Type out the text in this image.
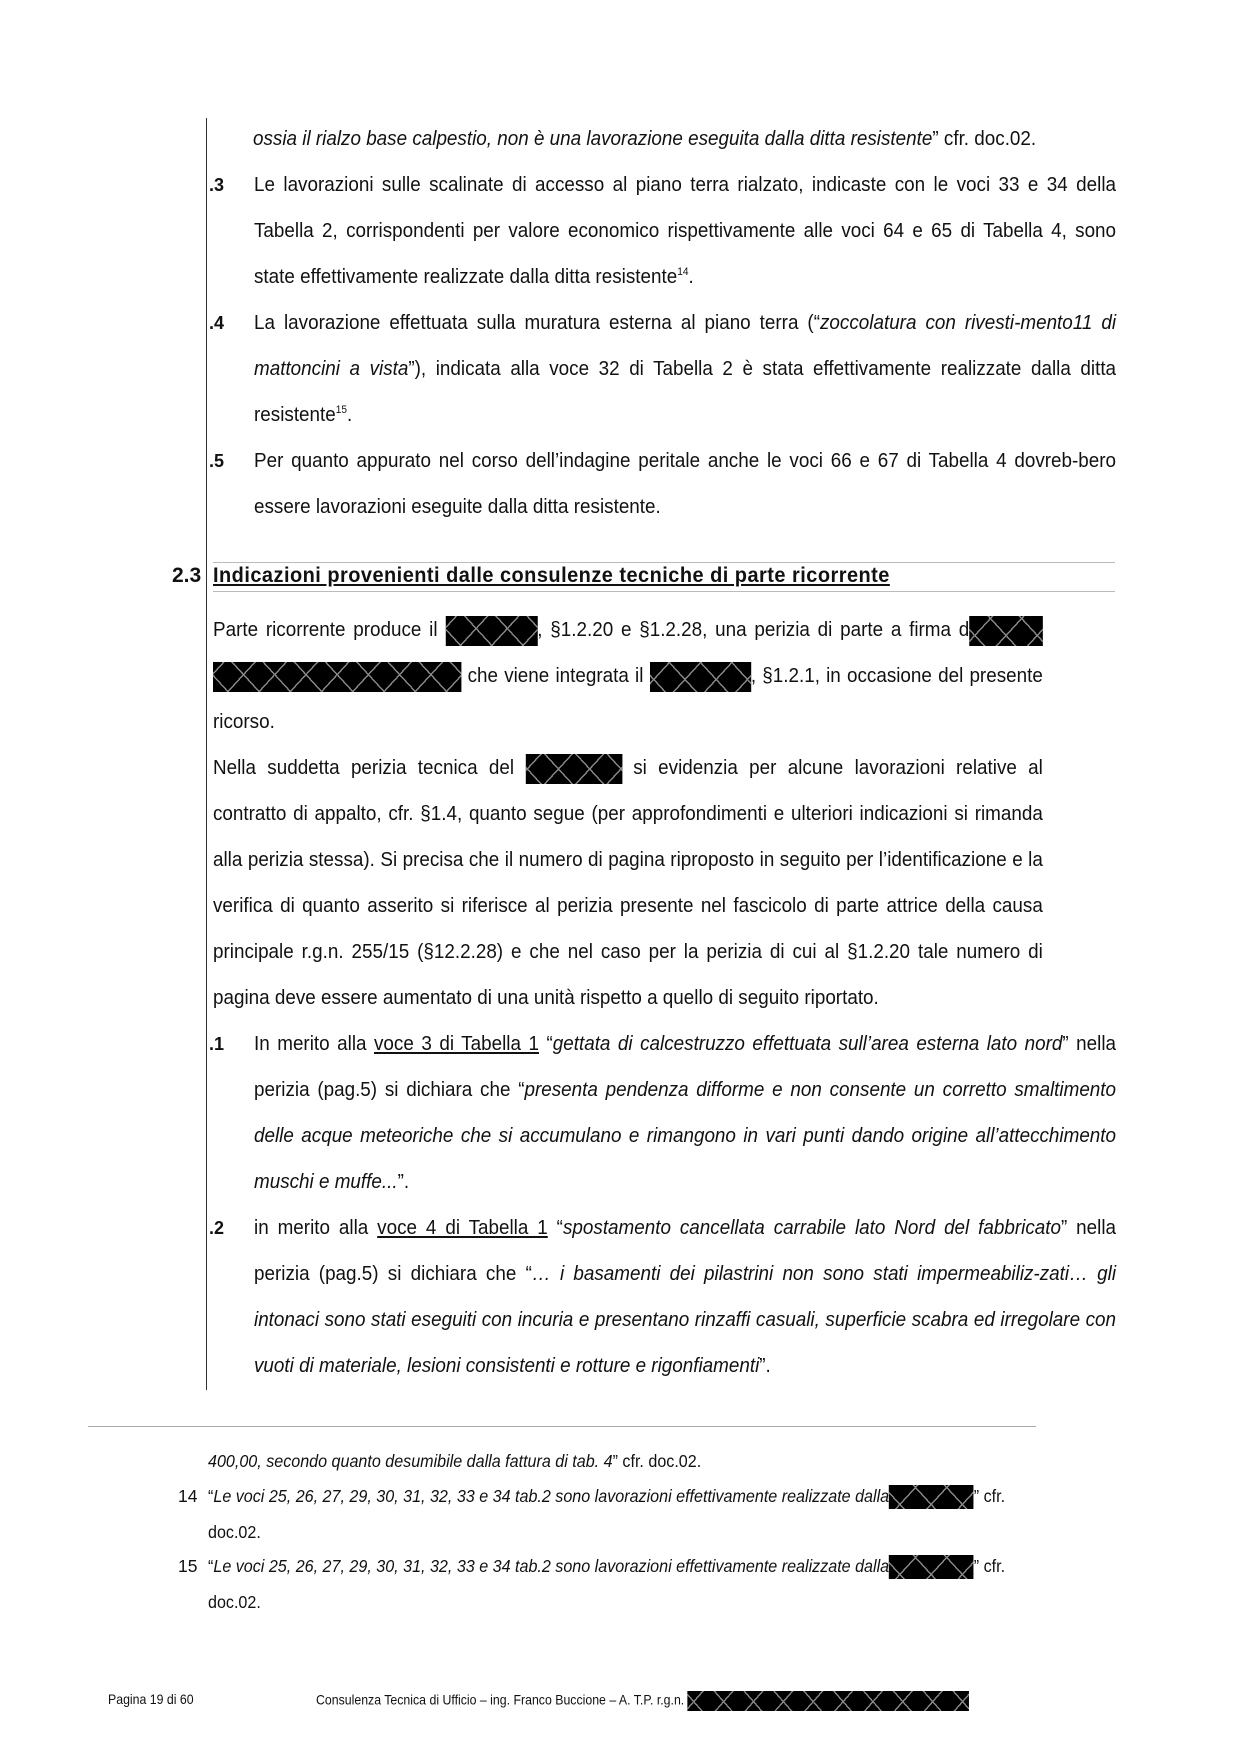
ossia il rialzo base calpestio, non è una lavorazione eseguita dalla ditta resistente” cfr. doc.02.
.3 Le lavorazioni sulle scalinate di accesso al piano terra rialzato, indicaste con le voci 33 e 34 della Tabella 2, corrispondenti per valore economico rispettivamente alle voci 64 e 65 di Tabella 4, sono state effettivamente realizzate dalla ditta resistente$^{14}$.
.4 La lavorazione effettuata sulla muratura esterna al piano terra (“zoccolatura con rivesti-mento11 di mattoncini a vista”), indicata alla voce 32 di Tabella 2 è stata effettivamente realizzate dalla ditta resistente$^{15}$.
.5 Per quanto appurato nel corso dell’indagine peritale anche le voci 66 e 67 di Tabella 4 dovreb-bero essere lavorazioni eseguite dalla ditta resistente.
2.3 Indicazioni provenienti dalle consulenze tecniche di parte ricorrente
Parte ricorrente produce il	, §1.2.20 e §1.2.28, una perizia di parte a firma d  che viene integrata il	, §1.2.1, in occasione del presente ricorso.
Nella suddetta perizia tecnica del	si evidenzia per alcune lavorazioni relative al contratto di appalto, cfr. §1.4, quanto segue (per approfondimenti e ulteriori indicazioni si rimanda alla perizia stessa). Si precisa che il numero di pagina riproposto in seguito per l’identificazione e la verifica di quanto asserito si riferisce al perizia presente nel fascicolo di parte attrice della causa principale r.g.n. 255/15 (§12.2.28) e che nel caso per la perizia di cui al §1.2.20 tale numero di pagina deve essere aumentato di una unità rispetto a quello di seguito riportato.
.1 In merito alla voce 3 di Tabella 1 “gettata di calcestruzzo effettuata sull’area esterna lato nord” nella perizia (pag.5) si dichiara che “presenta pendenza difforme e non consente un corretto smaltimento delle acque meteoriche che si accumulano e rimangono in vari punti dando origine all’attecchimento muschi e muffe...”.
.2 in merito alla voce 4 di Tabella 1 “spostamento cancellata carrabile lato Nord del fabbricato” nella perizia (pag.5) si dichiara che “… i basamenti dei pilastrini non sono stati impermeabiliz-zati… gli intonaci sono stati eseguiti con incuria e presentano rinzaffi casuali, superficie scabra ed irregolare con vuoti di materiale, lesioni consistenti e rotture e rigonfiamenti”.
400,00, secondo quanto desumibile dalla fattura di tab. 4” cfr. doc.02.
14 “Le voci 25, 26, 27, 29, 30, 31, 32, 33 e 34 tab.2 sono lavorazioni effettivamente realizzate dalla	” cfr.
doc.02.
15 “Le voci 25, 26, 27, 29, 30, 31, 32, 33 e 34 tab.2 sono lavorazioni effettivamente realizzate dalla	” cfr.
doc.02.
Pagina 19 di 60	Consulenza Tecnica di Ufficio – ing. Franco Buccione – A. T.P. r.g.n.
